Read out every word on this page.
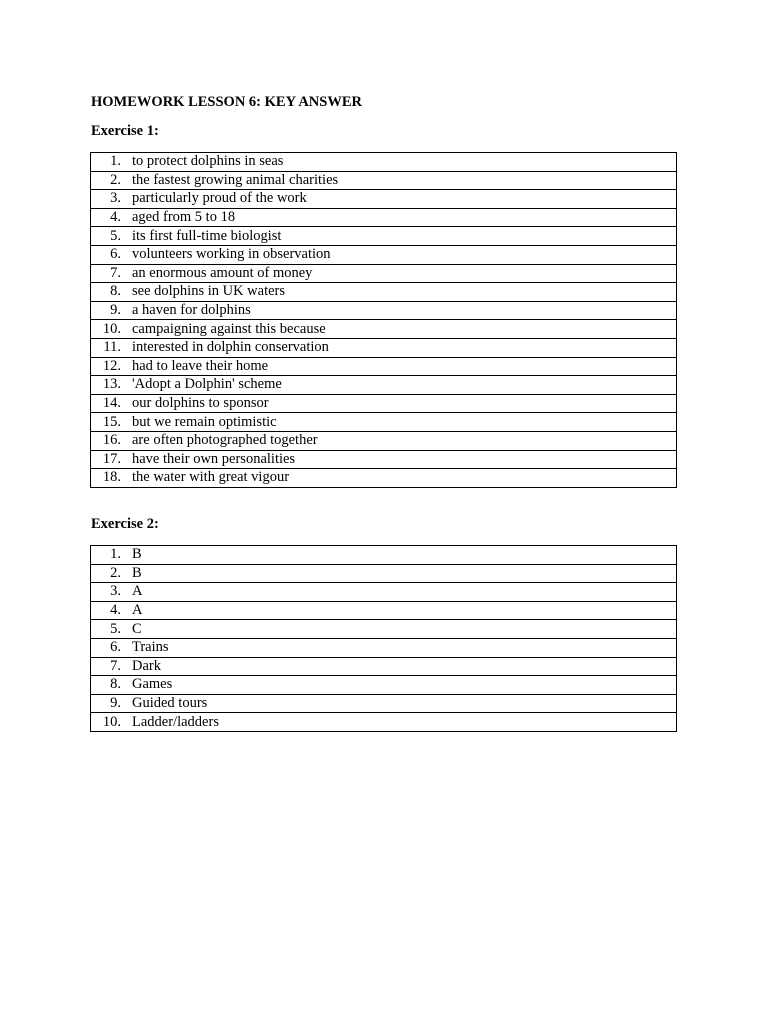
HOMEWORK LESSON 6: KEY ANSWER
Exercise 1:
1. to protect dolphins in seas

2. the fastest growing animal charities

3. particularly proud of the work

4. aged from 5 to 18

5. its first full-time biologist

6. volunteers working in observation

7. an enormous amount of money

8. see dolphins in UK waters

9. a haven for dolphins

10. campaigning against this because

11. interested in dolphin conservation

12. had to leave their home

13. 'Adopt a Dolphin' scheme

14. our dolphins to sponsor

15. but we remain optimistic

16. are often photographed together

17. have their own personalities

18. the water with great vigour
Exercise 2:
1. B

2. B

3. A

4. A

5. C

6. Trains

7. Dark

8. Games

9. Guided tours

10. Ladder/ladders
